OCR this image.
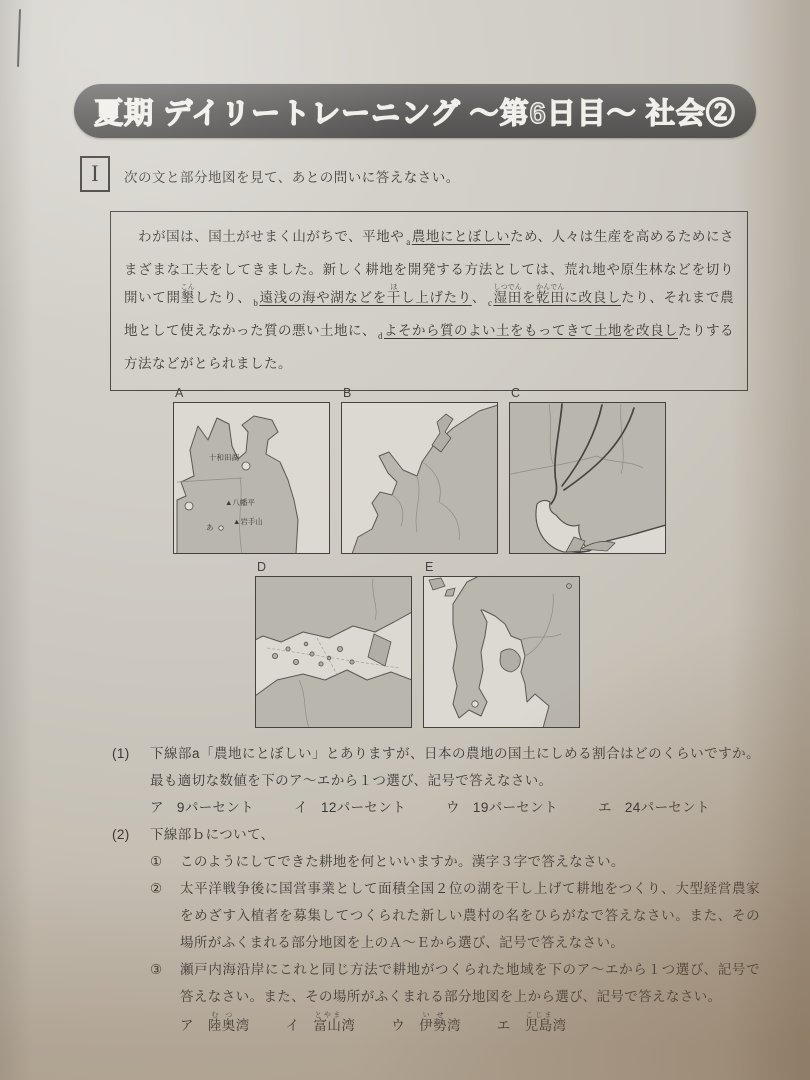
夏期 デイリートレーニング ～第6日目～ 社会②
I 次の文と部分地図を見て、あとの問いに答えなさい。
　わが国は、国土がせまく山がちで、平地や $_a$農地にとぼしいため、人々は生産を高めるためにさまざまな工夫をしてきました。新しく耕地を開発する方法としては、荒れ地や原生林などを切り開いて開墾こんしたり、 $_b$遠浅の海や湖などを干ほし上げたり、 $_c$湿田しつでんを乾田かんでんに改良したり、それまで農地として使えなかった質の悪い土地に、 $_d$よそから質のよい土をもってきて土地を改良したりする方法などがとられました。
A
十和田湖
▲八幡平
▲岩手山
あ
B	C
D	E
(1)	下線部a「農地にとぼしい」とありますが、日本の農地の国土にしめる割合はどのくらいですか。最も適切な数値を下のア～エから１つ選び、記号で答えなさい。
ア 9パーセント	イ 12パーセント	ウ 19パーセント	エ 24パーセント
(2)	下線部ｂについて、
①	このようにしてできた耕地を何といいますか。漢字３字で答えなさい。
②	太平洋戦争後に国営事業として面積全国２位の湖を干し上げて耕地をつくり、大型経営農家をめざす入植者を募集してつくられた新しい農村の名をひらがなで答えなさい。また、その場所がふくまれる部分地図を上のＡ～Ｅから選び、記号で答えなさい。
③	瀬戸内海沿岸にこれと同じ方法で耕地がつくられた地域を下のア～エから１つ選び、記号で答えなさい。また、その場所がふくまれる部分地図を上から選び、記号で答えなさい。
ア 陸奥むつ湾	イ 富山とやま湾	ウ 伊勢いせ湾	エ 児島こじま湾
